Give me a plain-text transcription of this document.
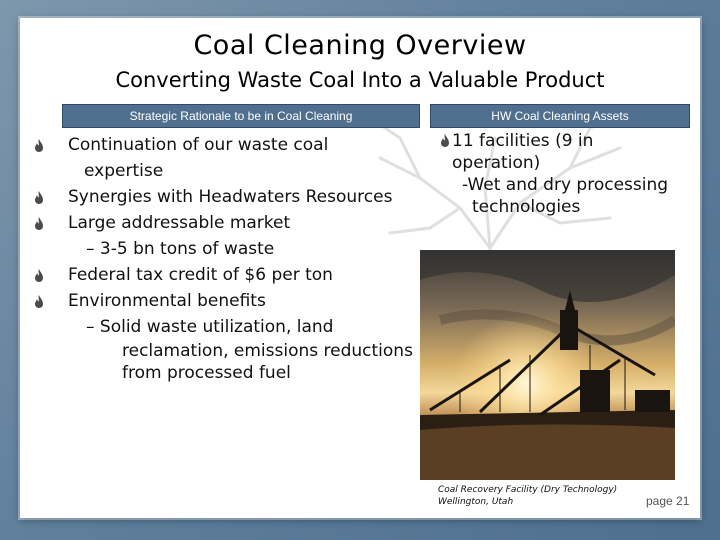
Coal Cleaning Overview
Converting Waste Coal Into a Valuable Product
Strategic Rationale to be in Coal Cleaning	HW Coal Cleaning Assets
Continuation of our waste coal
expertise
Synergies with Headwaters Resources
Large addressable market
– 3-5 bn tons of waste
Federal tax credit of $6 per ton
Environmental benefits
– Solid waste utilization, land
reclamation, emissions reductions
from processed fuel
11 facilities (9 in
operation)
-Wet and dry processing
technologies
Coal Recovery Facility (Dry Technology)
Wellington, Utah	page 21
